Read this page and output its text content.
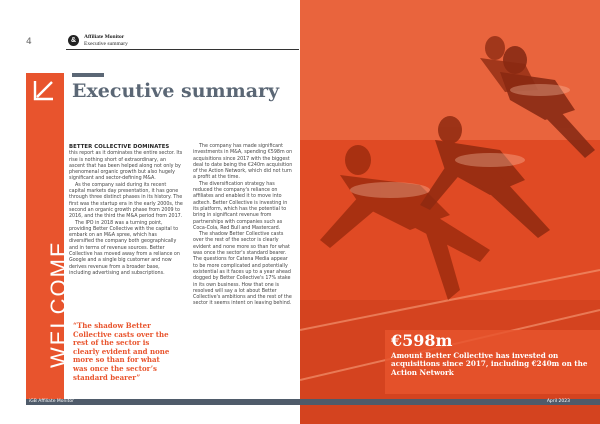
4	&	Affiliate Monitor
Executive summary
WELCOME
Executive summary
BETTER COLLECTIVE DOMINATES

this report as it dominates the entire sector. Its rise is nothing short of extraordinary, an ascent that has been helped along not only by phenomenal organic growth but also hugely significant and sector-defining M&A.

As the company said during its recent capital markets day presentation, it has gone through three distinct phases in its history. The first was the startup era in the early 2000s, the second an organic growth phase from 2009 to 2016, and the third the M&A period from 2017.

The IPO in 2018 was a turning point, providing Better Collective with the capital to embark on an M&A spree, which has diversified the company both geographically and in terms of revenue sources. Better Collective has moved away from a reliance on Google and a single big customer and now derives revenue from a broader base, including advertising and subscriptions.

“The shadow Better Collective casts over the rest of the sector is clearly evident and none more so than for what was once the sector’s standard bearer”

The company has made significant investments in M&A, spending €598m on acquisitions since 2017 with the biggest deal to date being the €240m acquisition of the Action Network, which did not turn a profit at the time.

The diversification strategy has reduced the company's reliance on affiliates and enabled it to move into adtech. Better Collective is investing in its platform, which has the potential to bring in significant revenue from partnerships with companies such as Coca-Cola, Red Bull and Mastercard.

The shadow Better Collective casts over the rest of the sector is clearly evident and none more so than for what was once the sector's standard bearer. The questions for Catena Media appear to be more complicated and potentially existential as it faces up to a year ahead dogged by Better Collective's 17% stake in its own business. How that one is resolved will say a lot about Better Collective's ambitions and the rest of the sector it seems intent on leaving behind.

€598m
Amount Better Collective has invested on acquisitions since 2017, including €240m on the Action Network
iGB Affiliate Monitor	April 2023
